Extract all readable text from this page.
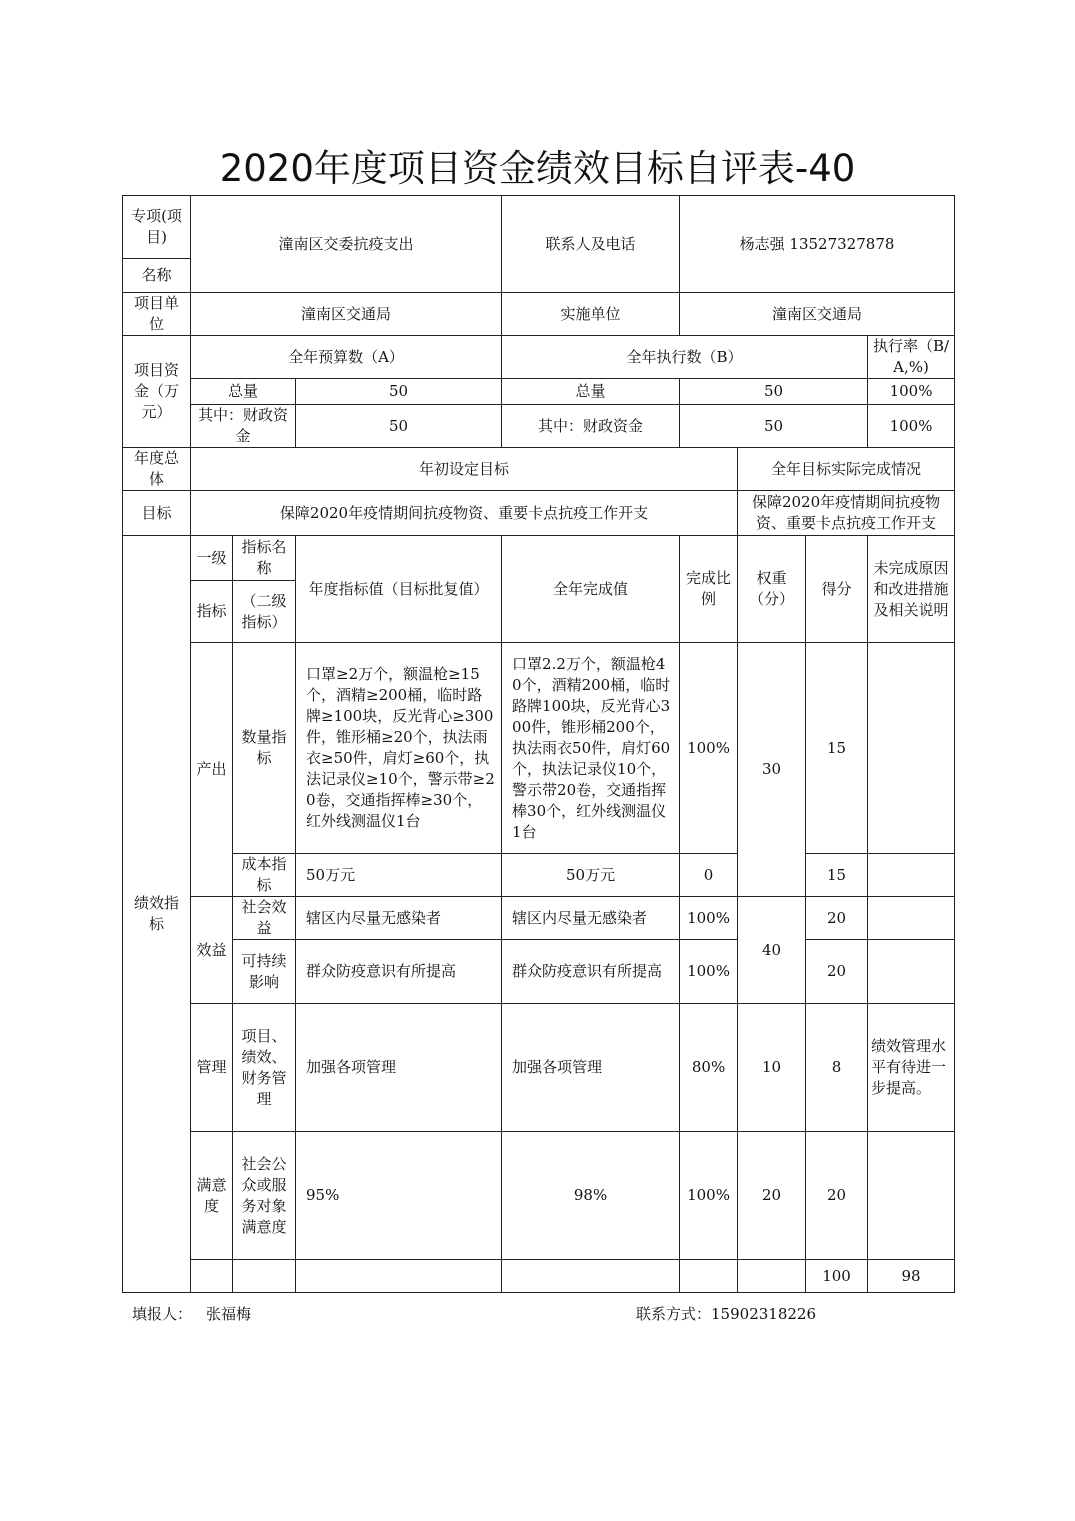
2020年度项目资金绩效目标自评表-40
专项(项目)	潼南区交委抗疫支出			联系人及电话	杨志强 13527327878				
名称									
项目单位	潼南区交通局			实施单位	潼南区交通局				
项目资金（万元）	全年预算数（A）			全年执行数（B）				执行率（B/A,%)	
	总量		50	总量	50			100%	
	其中：财政资金		50	其中：财政资金	50			100%	
年度总体	年初设定目标					全年目标实际完成情况			
目标	保障2020年疫情期间抗疫物资、重要卡点抗疫工作开支					保障2020年疫情期间抗疫物资、重要卡点抗疫工作开支			
绩效指标	一级	指标名称	年度指标值（目标批复值）	全年完成值	完成比例	权重（分）	得分	未完成原因和改进措施及相关说明	
	指标	（二级指标）							
	产出	数量指标	口罩≥2万个，额温枪≥15个，酒精≥200桶，临时路牌≥100块，反光背心≥300件，锥形桶≥20个，执法雨衣≥50件，肩灯≥60个，执法记录仪≥10个，警示带≥20卷，交通指挥棒≥30个，红外线测温仪1台	口罩2.2万个，额温枪40个，酒精200桶，临时路牌100块，反光背心300件，锥形桶200个，执法雨衣50件，肩灯60个，执法记录仪10个，警示带20卷，交通指挥棒30个，红外线测温仪1台	100%	30	15		
		成本指标	50万元	50万元	0		15		
	效益	社会效益	辖区内尽量无感染者	辖区内尽量无感染者	100%	40	20		
		可持续影响	群众防疫意识有所提高	群众防疫意识有所提高	100%		20		
	管理	项目、绩效、财务管理	加强各项管理	加强各项管理	80%	10	8	绩效管理水平有待进一步提高。	
	满意度	社会公众或服务对象满意度	95%	98%	100%	20	20		
							100	98	
填报人： 张福梅	联系方式：15902318226
